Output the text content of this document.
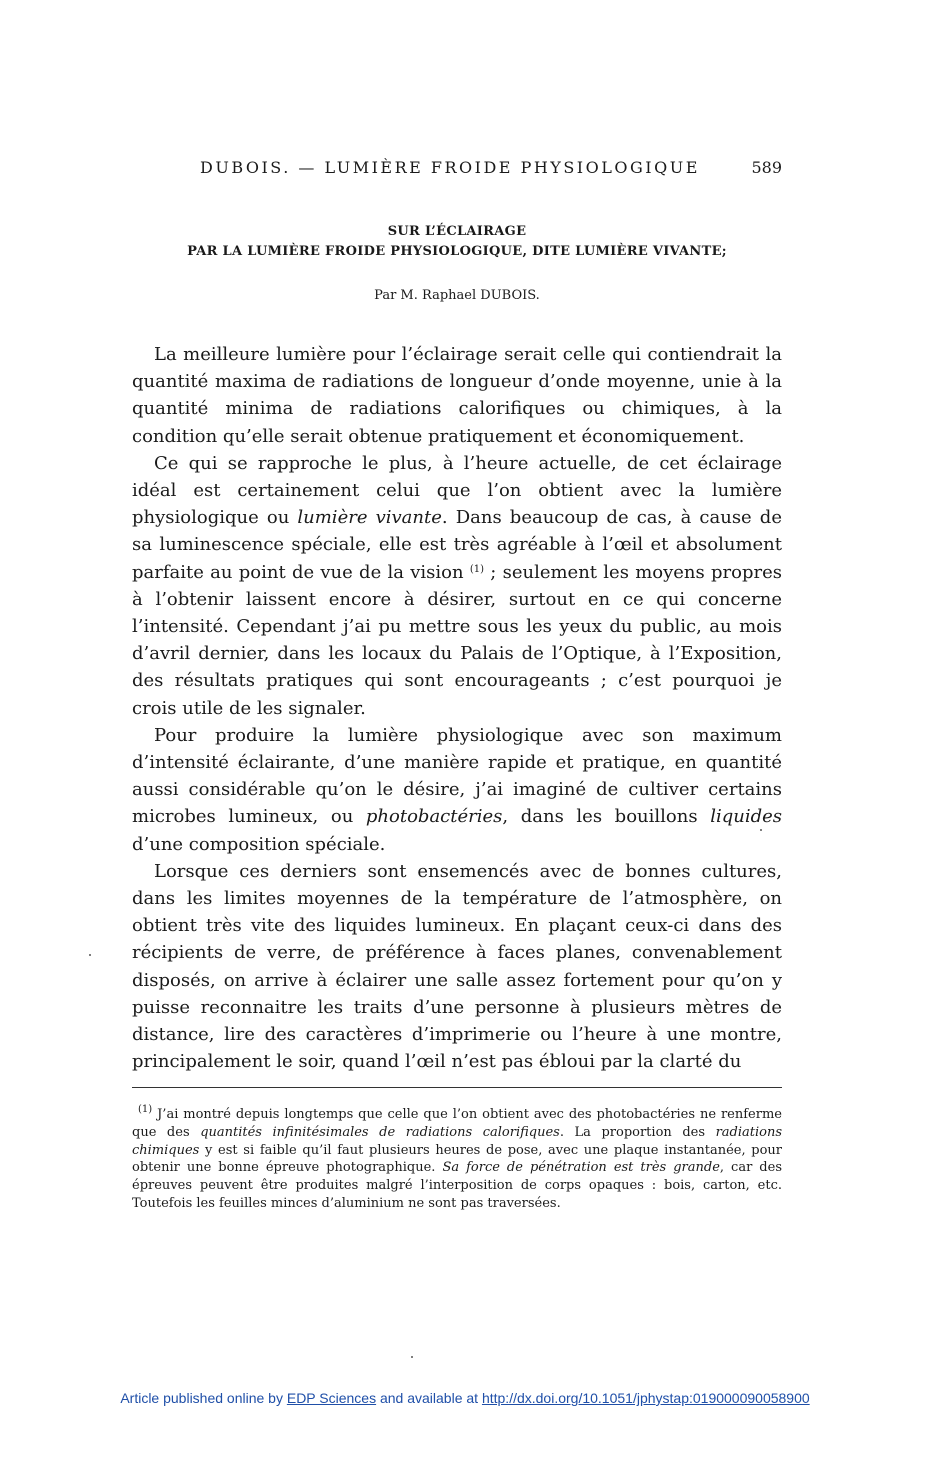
DUBOIS. — LUMIÈRE FROIDE PHYSIOLOGIQUE	589
SUR L’ÉCLAIRAGE
PAR LA LUMIÈRE FROIDE PHYSIOLOGIQUE, DITE LUMIÈRE VIVANTE;
Par M. Raphael DUBOIS.

La meilleure lumière pour l’éclairage serait celle qui contiendrait la quantité maxima de radiations de longueur d’onde moyenne, unie à la quantité minima de radiations calorifiques ou chimiques, à la condition qu’elle serait obtenue pratiquement et économiquement.

Ce qui se rapproche le plus, à l’heure actuelle, de cet éclairage idéal est certainement celui que l’on obtient avec la lumière physiologique ou lumière vivante. Dans beaucoup de cas, à cause de sa luminescence spéciale, elle est très agréable à l’œil et absolument parfaite au point de vue de la vision $^{(1)}$ ; seulement les moyens propres à l’obtenir laissent encore à désirer, surtout en ce qui concerne l’intensité. Cependant j’ai pu mettre sous les yeux du public, au mois d’avril dernier, dans les locaux du Palais de l’Optique, à l’Exposition, des résultats pratiques qui sont encourageants ; c’est pourquoi je crois utile de les signaler.

Pour produire la lumière physiologique avec son maximum d’intensité éclairante, d’une manière rapide et pratique, en quantité aussi considérable qu’on le désire, j’ai imaginé de cultiver certains microbes lumineux, ou photobactéries, dans les bouillons liquides d’une composition spéciale.

Lorsque ces derniers sont ensemencés avec de bonnes cultures, dans les limites moyennes de la température de l’atmosphère, on obtient très vite des liquides lumineux. En plaçant ceux-ci dans des récipients de verre, de préférence à faces planes, convenablement disposés, on arrive à éclairer une salle assez fortement pour qu’on y puisse reconnaitre les traits d’une personne à plusieurs mètres de distance, lire des caractères d’imprimerie ou l’heure à une montre, principalement le soir, quand l’œil n’est pas ébloui par la clarté du

$^{(1)}$ J’ai montré depuis longtemps que celle que l’on obtient avec des photobactéries ne renferme que des quantités infinitésimales de radiations calorifiques. La proportion des radiations chimiques y est si faible qu’il faut plusieurs heures de pose, avec une plaque instantanée, pour obtenir une bonne épreuve photographique. Sa force de pénétration est très grande, car des épreuves peuvent être produites malgré l’interposition de corps opaques : bois, carton, etc. Toutefois les feuilles minces d’aluminium ne sont pas traversées.

Article published online by EDP Sciences and available at http://dx.doi.org/10.1051/jphystap:019000090058900
